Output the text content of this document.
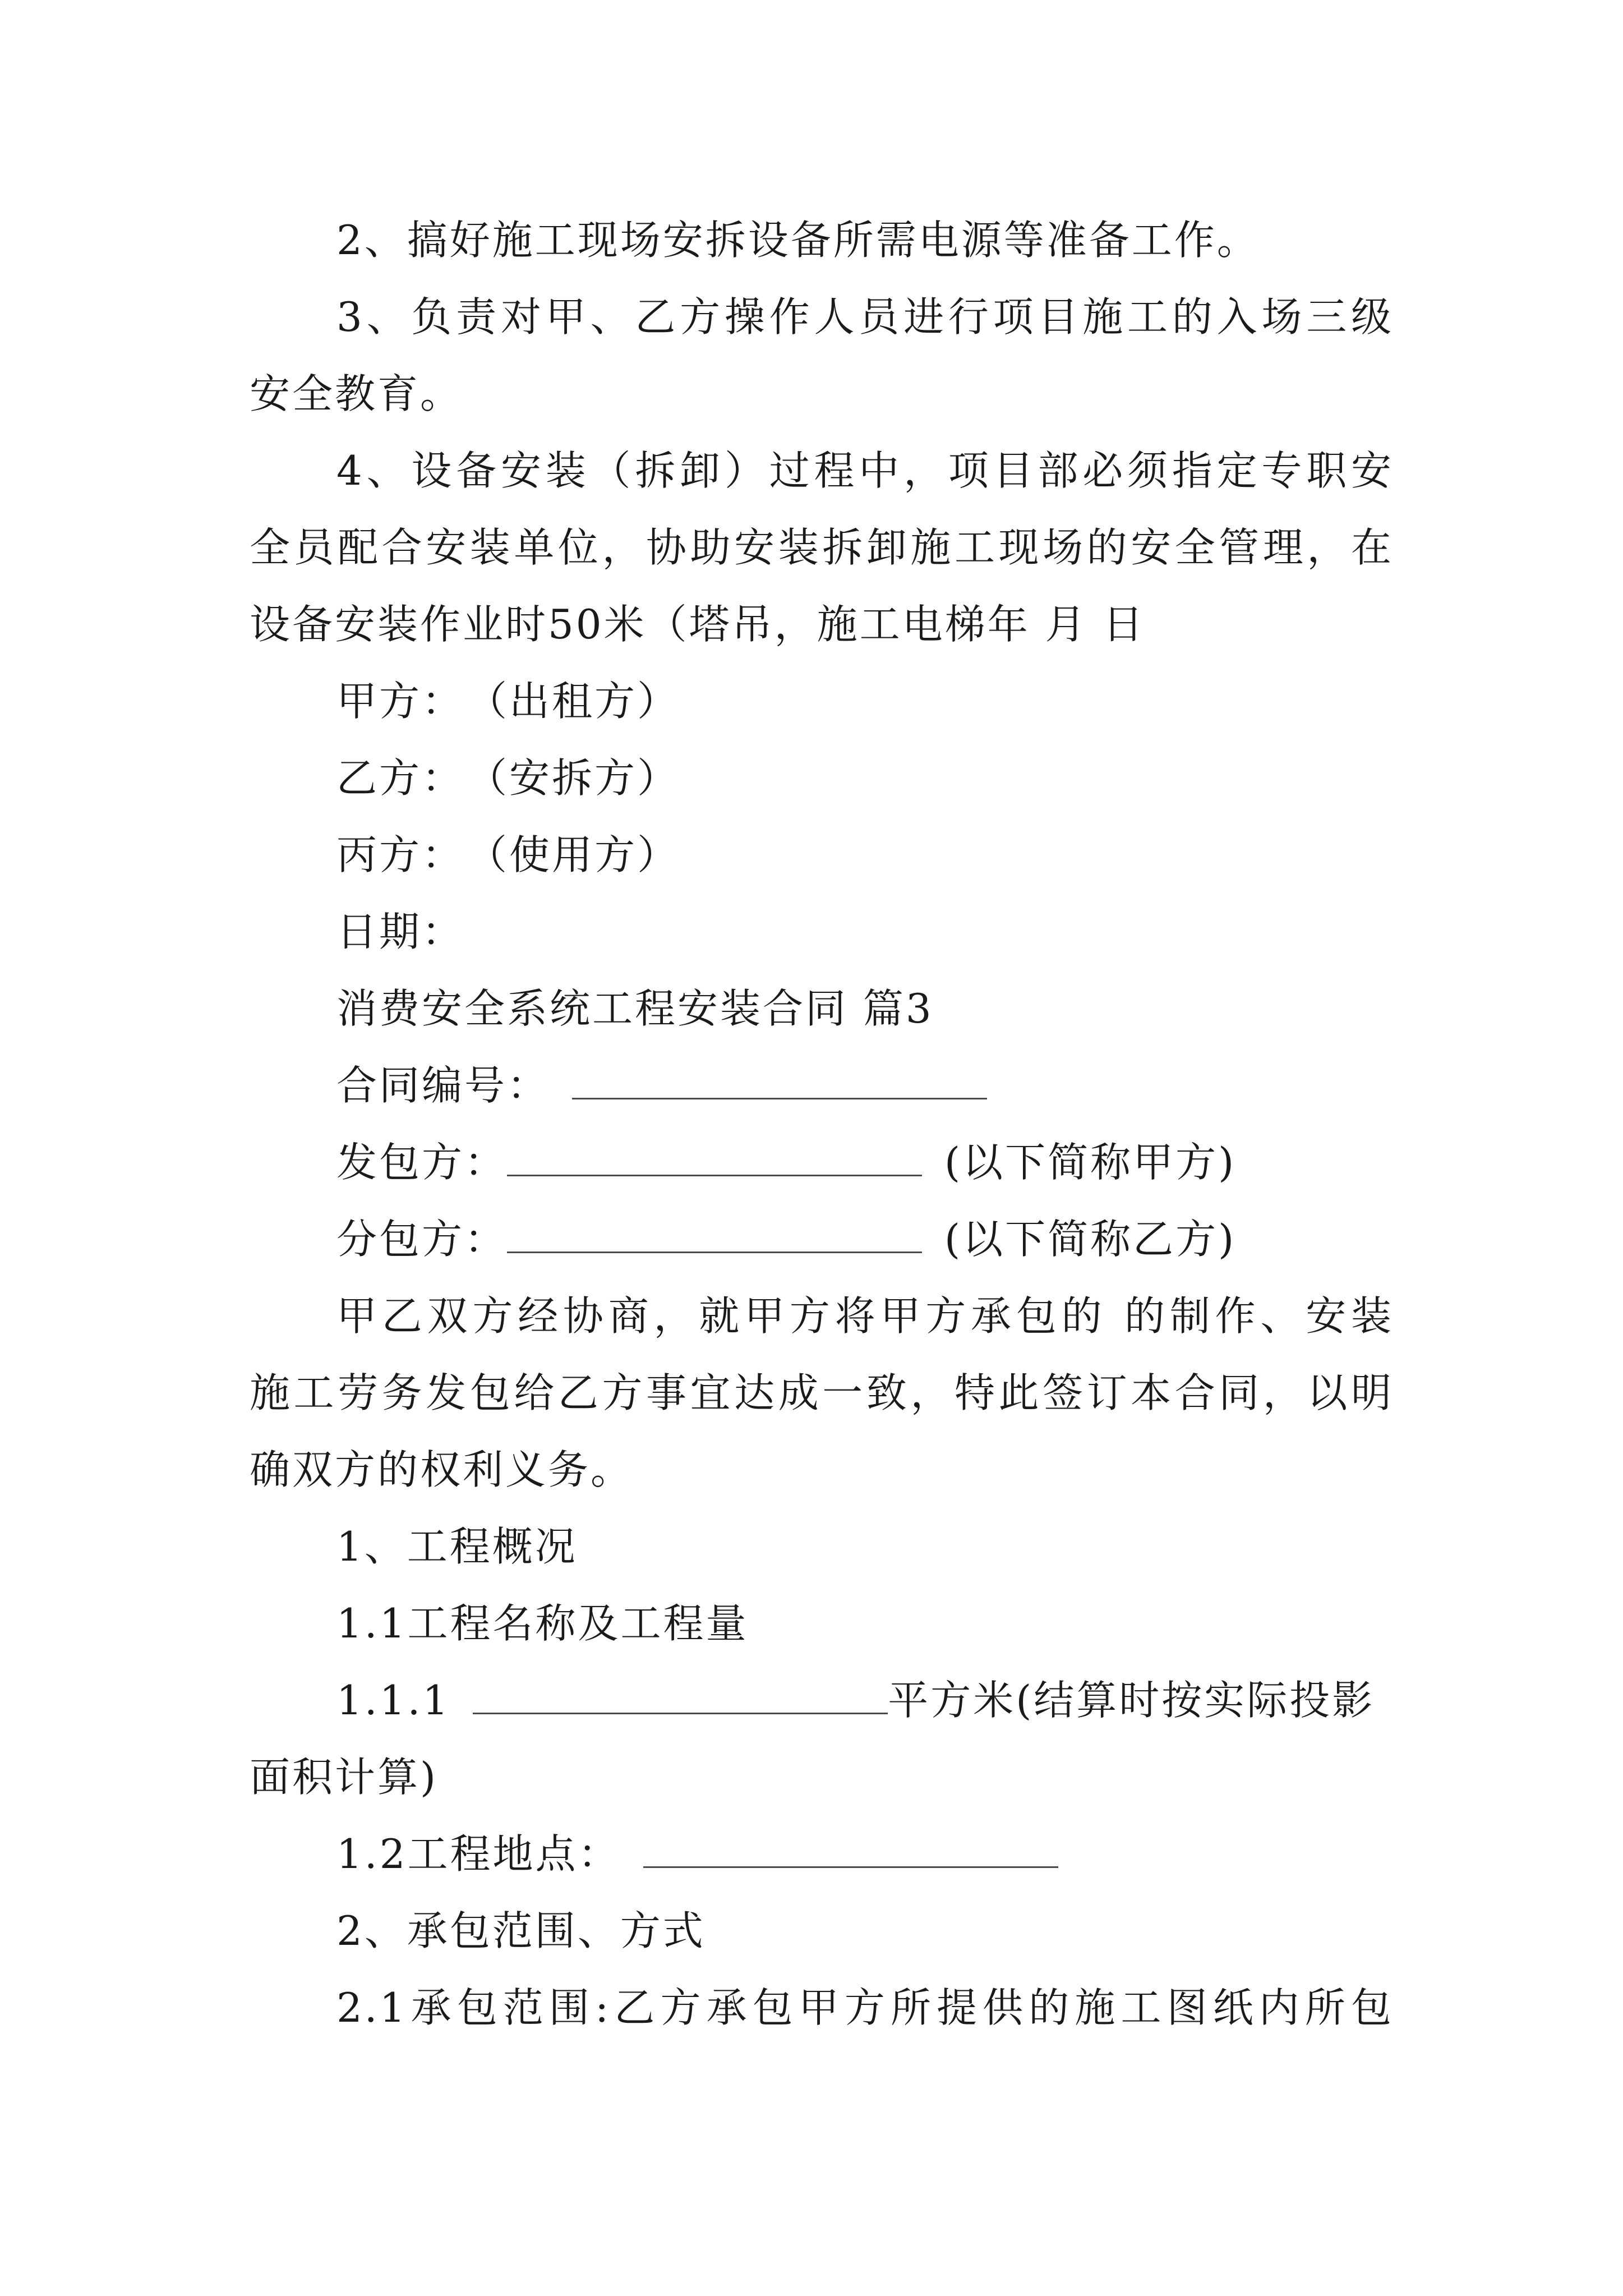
2、搞好施工现场安拆设备所需电源等准备工作。
3、负责对甲、乙方操作人员进行项目施工的入场三级
安全教育。
4、设备安装（拆卸）过程中，项目部必须指定专职安
全员配合安装单位，协助安装拆卸施工现场的安全管理，在
设备安装作业时50米（塔吊，施工电梯年 月 日
甲方：　（出租方）
乙方：　（安拆方）
丙方：　（使用方）
日期：
消费安全系统工程安装合同 篇3
合同编号：
发包方：	(以下简称甲方)
分包方：	(以下简称乙方)
甲乙双方经协商，就甲方将甲方承包的 的制作、安装
施工劳务发包给乙方事宜达成一致，特此签订本合同，以明
确双方的权利义务。
1、工程概况
1.1工程名称及工程量
1.1.1	平方米(结算时按实际投影
面积计算)
1.2工程地点：
2、承包范围、方式
2.1承包范围:乙方承包甲方所提供的施工图纸内所包
